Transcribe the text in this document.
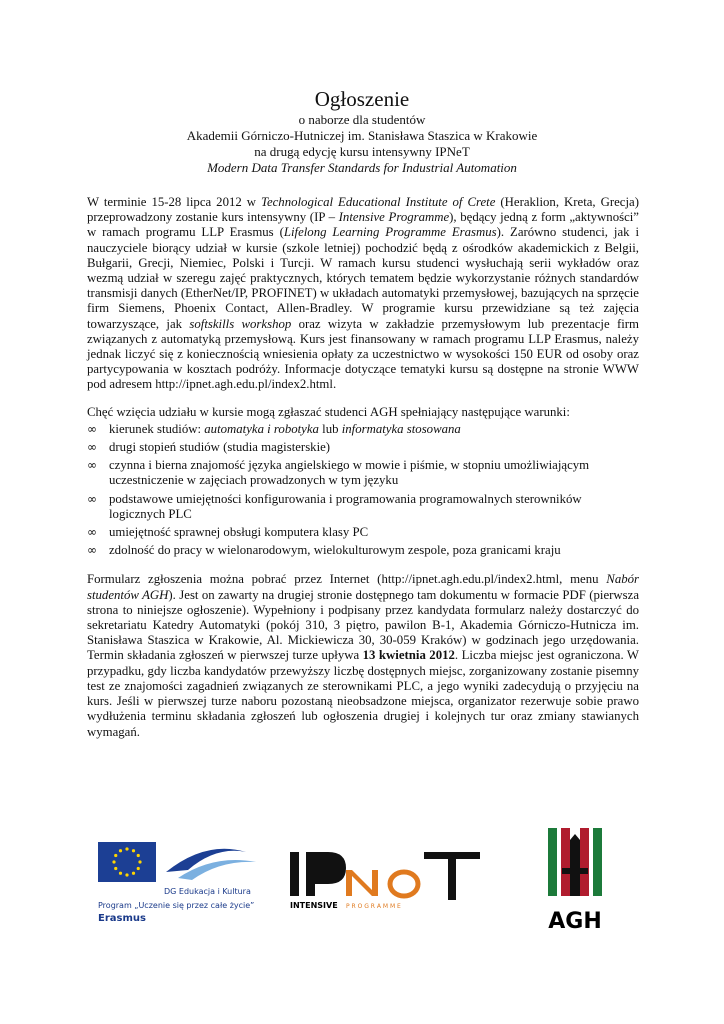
Ogłoszenie
o naborze dla studentów
Akademii Górniczo-Hutniczej im. Stanisława Staszica w Krakowie
na drugą edycję kursu intensywny IPNeT
Modern Data Transfer Standards for Industrial Automation

W terminie 15-28 lipca 2012 w Technological Educational Institute of Crete (Heraklion, Kreta, Grecja) przeprowadzony zostanie kurs intensywny (IP – Intensive Programme), będący jedną z form „aktywności” w ramach programu LLP Erasmus (Lifelong Learning Programme Erasmus). Zarówno studenci, jak i nauczyciele biorący udział w kursie (szkole letniej) pochodzić będą z ośrodków akademickich z Belgii, Bułgarii, Grecji, Niemiec, Polski i Turcji. W ramach kursu studenci wysłuchają serii wykładów oraz wezmą udział w szeregu zajęć praktycznych, których tematem będzie wykorzystanie różnych standardów transmisji danych (EtherNet/IP, PROFINET) w układach automatyki przemysłowej, bazujących na sprzęcie firm Siemens, Phoenix Contact, Allen-Bradley. W programie kursu przewidziane są też zajęcia towarzyszące, jak softskills workshop oraz wizyta w zakładzie przemysłowym lub prezentacje firm związanych z automatyką przemysłową. Kurs jest finansowany w ramach programu LLP Erasmus, należy jednak liczyć się z koniecznością wniesienia opłaty za uczestnictwo w wysokości 150 EUR od osoby oraz partycypowania w kosztach podróży. Informacje dotyczące tematyki kursu są dostępne na stronie WWW pod adresem http://ipnet.agh.edu.pl/index2.html.

Chęć wzięcia udziału w kursie mogą zgłaszać studenci AGH spełniający następujące warunki:
∞ kierunek studiów: automatyka i robotyka lub informatyka stosowana
∞ drugi stopień studiów (studia magisterskie)
∞ czynna i bierna znajomość języka angielskiego w mowie i piśmie, w stopniu umożliwiającym uczestniczenie w zajęciach prowadzonych w tym języku
∞ podstawowe umiejętności konfigurowania i programowania programowalnych sterowników logicznych PLC
∞ umiejętność sprawnej obsługi komputera klasy PC
∞ zdolność do pracy w wielonarodowym, wielokulturowym zespole, poza granicami kraju

Formularz zgłoszenia można pobrać przez Internet (http://ipnet.agh.edu.pl/index2.html, menu Nabór studentów AGH). Jest on zawarty na drugiej stronie dostępnego tam dokumentu w formacie PDF (pierwsza strona to niniejsze ogłoszenie). Wypełniony i podpisany przez kandydata formularz należy dostarczyć do sekretariatu Katedry Automatyki (pokój 310, 3 piętro, pawilon B-1, Akademia Górniczo-Hutnicza im. Stanisława Staszica w Krakowie, Al. Mickiewicza 30, 30-059 Kraków) w godzinach jego urzędowania. Termin składania zgłoszeń w pierwszej turze upływa 13 kwietnia 2012. Liczba miejsc jest ograniczona. W przypadku, gdy liczba kandydatów przewyższy liczbę dostępnych miejsc, zorganizowany zostanie pisemny test ze znajomości zagadnień związanych ze sterownikami PLC, a jego wyniki zadecydują o przyjęciu na kurs. Jeśli w pierwszej turze naboru pozostaną nieobsadzone miejsca, organizator rezerwuje sobie prawo wydłużenia terminu składania zgłoszeń lub ogłoszenia drugiej i kolejnych tur oraz zmiany stawianych wymagań.

DG Edukacja i Kultura
Program „Uczenie się przez całe życie”
Erasmus
INTENSIVE P R O G R A M M E
AGH
